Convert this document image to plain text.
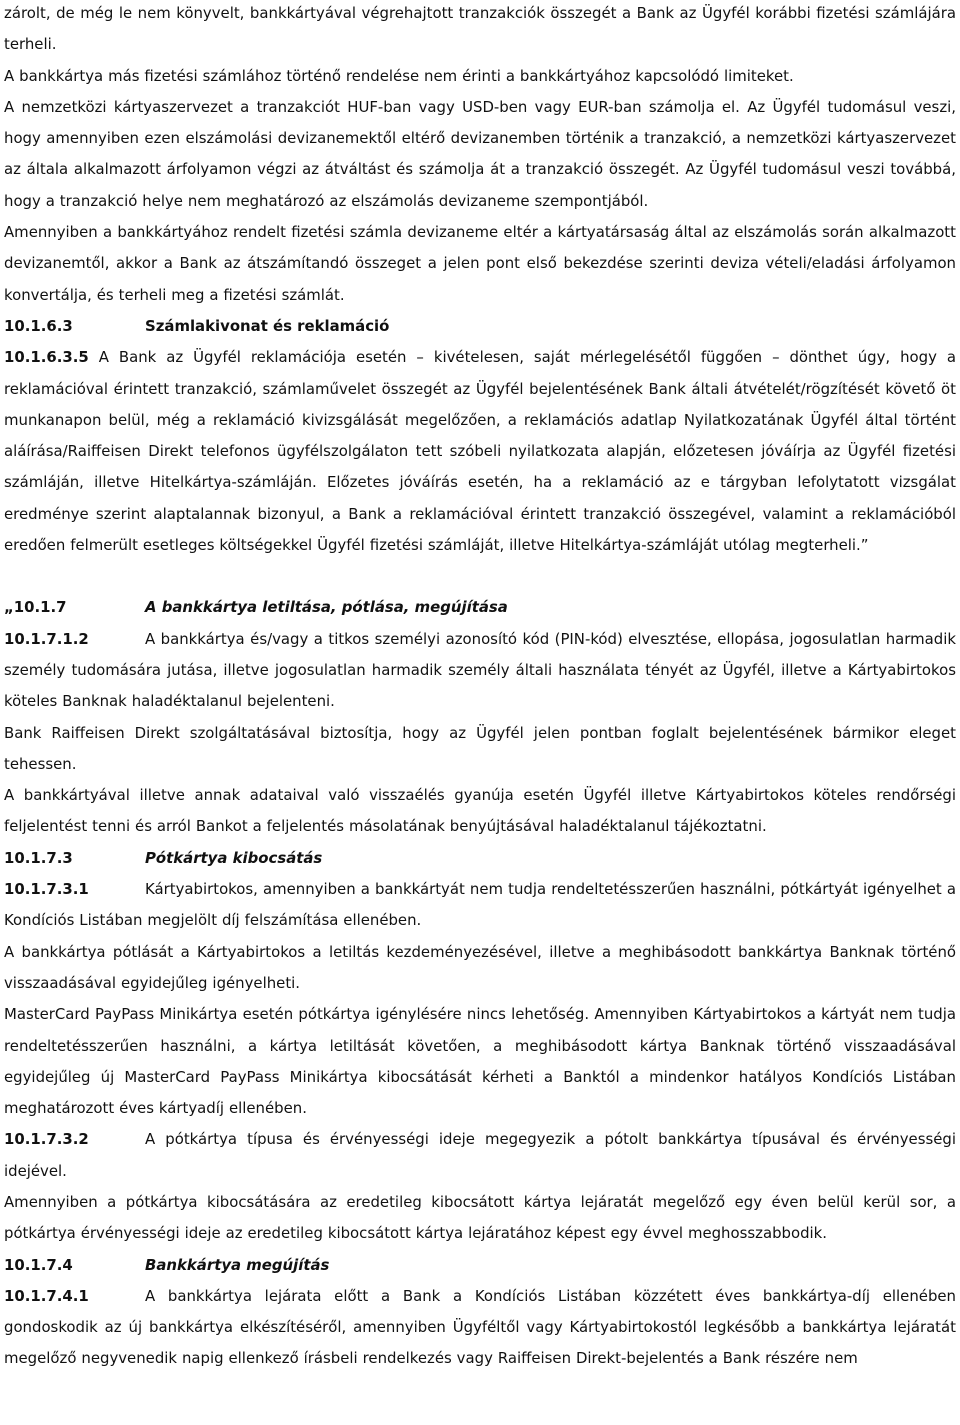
zárolt, de még le nem könyvelt, bankkártyával végrehajtott tranzakciók összegét a Bank az Ügyfél korábbi fizetési számlájára terheli.

A bankkártya más fizetési számlához történő rendelése nem érinti a bankkártyához kapcsolódó limiteket.

A nemzetközi kártyaszervezet a tranzakciót HUF-ban vagy USD-ben vagy EUR-ban számolja el. Az Ügyfél tudomásul veszi, hogy amennyiben ezen elszámolási devizanemektől eltérő devizanemben történik a tranzakció, a nemzetközi kártyaszervezet az általa alkalmazott árfolyamon végzi az átváltást és számolja át a tranzakció összegét. Az Ügyfél tudomásul veszi továbbá, hogy a tranzakció helye nem meghatározó az elszámolás devizaneme szempontjából.

Amennyiben a bankkártyához rendelt fizetési számla devizaneme eltér a kártyatársaság által az elszámolás során alkalmazott devizanemtől, akkor a Bank az átszámítandó összeget a jelen pont első bekezdése szerinti deviza vételi/eladási árfolyamon konvertálja, és terheli meg a fizetési számlát.

10.1.6.3	Számlakivonat és reklamáció

10.1.6.3.5 A Bank az Ügyfél reklamációja esetén – kivételesen, saját mérlegelésétől függően – dönthet úgy, hogy a reklamációval érintett tranzakció, számlaművelet összegét az Ügyfél bejelentésének Bank általi átvételét/rögzítését követő öt munkanapon belül, még a reklamáció kivizsgálását megelőzően, a reklamációs adatlap Nyilatkozatának Ügyfél által történt aláírása/Raiffeisen Direkt telefonos ügyfélszolgálaton tett szóbeli nyilatkozata alapján, előzetesen jóváírja az Ügyfél fizetési számláján, illetve Hitelkártya-számláján. Előzetes jóváírás esetén, ha a reklamáció az e tárgyban lefolytatott vizsgálat eredménye szerint alaptalannak bizonyul, a Bank a reklamációval érintett tranzakció összegével, valamint a reklamációból eredően felmerült esetleges költségekkel Ügyfél fizetési számláját, illetve Hitelkártya-számláját utólag megterheli.”

„10.1.7	A bankkártya letiltása, pótlása, megújítása

10.1.7.1.2	A bankkártya és/vagy a titkos személyi azonosító kód (PIN-kód) elvesztése, ellopása, jogosulatlan harmadik személy tudomására jutása, illetve jogosulatlan harmadik személy általi használata tényét az Ügyfél, illetve a Kártyabirtokos köteles Banknak haladéktalanul bejelenteni.

Bank Raiffeisen Direkt szolgáltatásával biztosítja, hogy az Ügyfél jelen pontban foglalt bejelentésének bármikor eleget tehessen.

A bankkártyával illetve annak adataival való visszaélés gyanúja esetén Ügyfél illetve Kártyabirtokos köteles rendőrségi feljelentést tenni és arról Bankot a feljelentés másolatának benyújtásával haladéktalanul tájékoztatni.

10.1.7.3	Pótkártya kibocsátás

10.1.7.3.1	Kártyabirtokos, amennyiben a bankkártyát nem tudja rendeltetésszerűen használni, pótkártyát igényelhet a Kondíciós Listában megjelölt díj felszámítása ellenében.

A bankkártya pótlását a Kártyabirtokos a letiltás kezdeményezésével, illetve a meghibásodott bankkártya Banknak történő visszaadásával egyidejűleg igényelheti.

MasterCard PayPass Minikártya esetén pótkártya igénylésére nincs lehetőség. Amennyiben Kártyabirtokos a kártyát nem tudja rendeltetésszerűen használni, a kártya letiltását követően, a meghibásodott kártya Banknak történő visszaadásával egyidejűleg új MasterCard PayPass Minikártya kibocsátását kérheti a Banktól a mindenkor hatályos Kondíciós Listában meghatározott éves kártyadíj ellenében.

10.1.7.3.2	A pótkártya típusa és érvényességi ideje megegyezik a pótolt bankkártya típusával és érvényességi idejével.

Amennyiben a pótkártya kibocsátására az eredetileg kibocsátott kártya lejáratát megelőző egy éven belül kerül sor, a pótkártya érvényességi ideje az eredetileg kibocsátott kártya lejáratához képest egy évvel meghosszabbodik.

10.1.7.4	Bankkártya megújítás

10.1.7.4.1	A bankkártya lejárata előtt a Bank a Kondíciós Listában közzétett éves bankkártya-díj ellenében gondoskodik az új bankkártya elkészítéséről, amennyiben Ügyféltől vagy Kártyabirtokostól legkésőbb a bankkártya lejáratát megelőző negyvenedik napig ellenkező írásbeli rendelkezés vagy Raiffeisen Direkt-bejelentés a Bank részére nem
